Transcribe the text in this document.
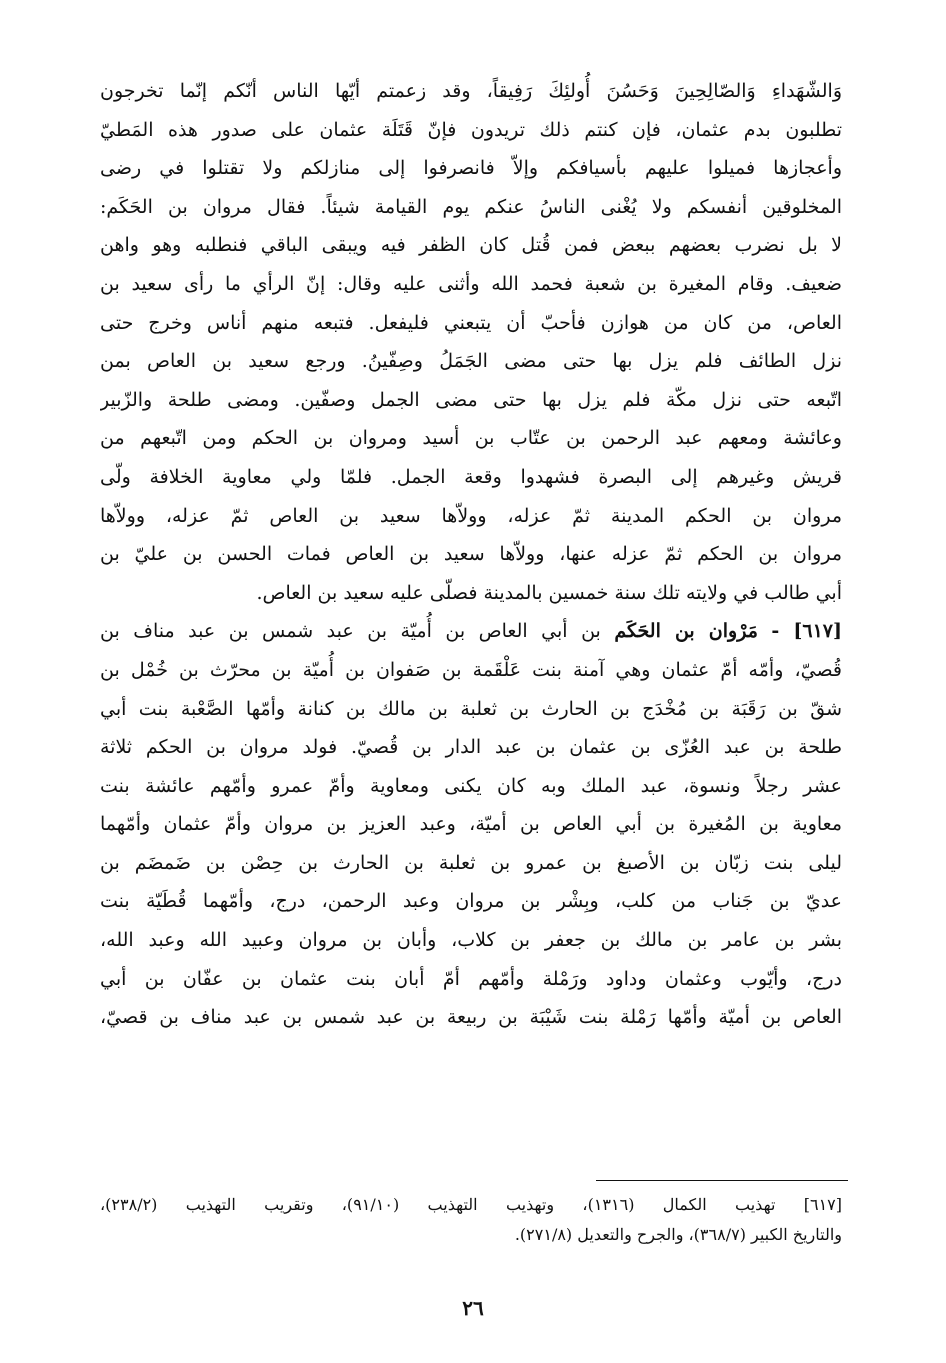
وَالشّهَداءِ وَالصّالِحِينَ وَحَسُنَ أُولئِكَ رَفِيقاً، وقد زعمتم أيّها الناس أنّكم إنّما تخرجون
تطلبون بدم عثمان، فإن كنتم ذلك تريدون فإنّ قَتَلَة عثمان على صدور هذه المَطيّ
وأعجازها فميلوا عليهم بأسيافكم وإلاّ فانصرفوا إلى منازلكم ولا تقتلوا في رضى
المخلوقين أنفسكم ولا يُغْنى الناسُ عنكم يوم القيامة شيئاً. فقال مروان بن الحَكَم:
لا بل نضرب بعضهم ببعض فمن قُتل كان الظفر فيه ويبقى الباقي فنطلبه وهو واهن
ضعيف. وقام المغيرة بن شعبة فحمد الله وأثنى عليه وقال: إنّ الرأي ما رأى سعيد بن
العاص، من كان من هوازن فأحبّ أن يتبعني فليفعل. فتبعه منهم أناس وخرج حتى
نزل الطائف فلم يزل بها حتى مضى الجَمَلُ وصِفّينُ. ورجع سعيد بن العاص بمن
اتّبعه حتى نزل مكّة فلم يزل بها حتى مضى الجمل وصفّين. ومضى طلحة والزّبير
وعائشة ومعهم عبد الرحمن بن عتّاب بن أسيد ومروان بن الحكم ومن اتّبعهم من
قريش وغيرهم إلى البصرة فشهدوا وقعة الجمل. فلمّا ولي معاوية الخلافة ولّى
مروان بن الحكم المدينة ثمّ عزله، وولاّها سعيد بن العاص ثمّ عزله، وولاّها
مروان بن الحكم ثمّ عزله عنها، وولاّها سعيد بن العاص فمات الحسن بن عليّ بن
أبي طالب في ولايته تلك سنة خمسين بالمدينة فصلّى عليه سعيد بن العاص.
[٦١٧] - مَرْوان بن الحَكَم بن أبي العاص بن أُميّة بن عبد شمس بن عبد مناف بن
قُصيّ، وأمّه أمّ عثمان وهي آمنة بنت عَلْقَمة بن صَفوان بن أُميّة بن محرّث بن خُمْل بن
شقّ بن رَقَبَة بن مُخْدَج بن الحارث بن ثعلبة بن مالك بن كنانة وأمّها الصَّعْبة بنت أبي
طلحة بن عبد العُزّى بن عثمان بن عبد الدار بن قُصيّ. فولد مروان بن الحكم ثلاثة
عشر رجلاً ونسوة، عبد الملك وبه كان يكنى ومعاوية وأمّ عمرو وأمّهم عائشة بنت
معاوية بن المُغيرة بن أبي العاص بن أميّة، وعبد العزيز بن مروان وأمّ عثمان وأمّهما
ليلى بنت زبّان بن الأصبغ بن عمرو بن ثعلبة بن الحارث بن حِصْن بن ضَمضَم بن
عديّ بن جَناب من كلب، وبِشْر بن مروان وعبد الرحمن، درج، وأمّهما قُطَيّة بنت
بشر بن عامر بن مالك بن جعفر بن كلاب، وأبان بن مروان وعبيد الله وعبد الله،
درج، وأيّوب وعثمان وداود ورَمْلة وأمّهم أمّ أبان بنت عثمان بن عفّان بن أبي
العاص بن أميّة وأمّها رَمْلة بنت شَيْبَة بن ربيعة بن عبد شمس بن عبد مناف بن قصيّ،
[٦١٧] تهذيب الكمال (١٣١٦)، وتهذيب التهذيب (٩١/١٠)، وتقريب التهذيب (٢٣٨/٢)،
والتاريخ الكبير (٣٦٨/٧)، والجرح والتعديل (٢٧١/٨).
٢٦
